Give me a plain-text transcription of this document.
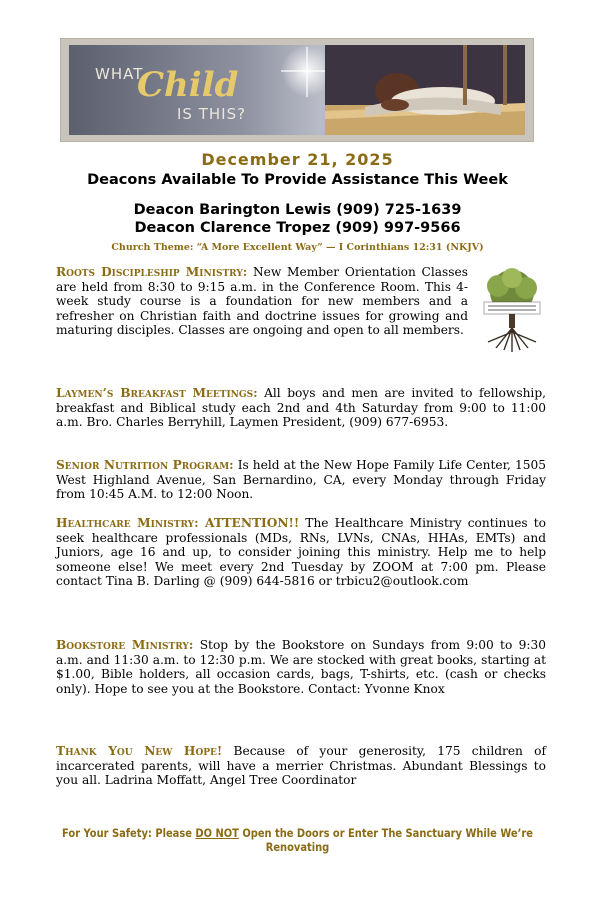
WHAT
Child
IS THIS?
December 21, 2025
Deacons Available To Provide Assistance This Week
Deacon Barington Lewis (909) 725-1639
Deacon Clarence Tropez (909) 997-9566
Church Theme: “A More Excellent Way” — I Corinthians 12:31 (NKJV)
Roots Discipleship Ministry: New Member Orientation Classes are held from 8:30 to 9:15 a.m. in the Conference Room. This 4-week study course is a foundation for new members and a refresher on Christian faith and doctrine issues for growing and maturing disciples. Classes are ongoing and open to all members.
Laymen’s Breakfast Meetings: All boys and men are invited to fellowship, breakfast and Biblical study each 2nd and 4th Saturday from 9:00 to 11:00 a.m. Bro. Charles Berryhill, Laymen President, (909) 677-6953.
Senior Nutrition Program: Is held at the New Hope Family Life Center, 1505 West Highland Avenue, San Bernardino, CA, every Monday through Friday from 10:45 A.M. to 12:00 Noon.
Healthcare Ministry: ATTENTION!! The Healthcare Ministry continues to seek healthcare professionals (MDs, RNs, LVNs, CNAs, HHAs, EMTs) and Juniors, age 16 and up, to consider joining this ministry. Help me to help someone else! We meet every 2nd Tuesday by ZOOM at 7:00 pm. Please contact Tina B. Darling @ (909) 644-5816 or trbicu2@outlook.com
Bookstore Ministry: Stop by the Bookstore on Sundays from 9:00 to 9:30 a.m. and 11:30 a.m. to 12:30 p.m. We are stocked with great books, starting at $1.00, Bible holders, all occasion cards, bags, T-shirts, etc. (cash or checks only). Hope to see you at the Bookstore. Contact: Yvonne Knox
Thank You New Hope! Because of your generosity, 175 children of incarcerated parents, will have a merrier Christmas. Abundant Blessings to you all. Ladrina Moffatt, Angel Tree Coordinator
For Your Safety: Please DO NOT Open the Doors or Enter The Sanctuary While We’re Renovating
